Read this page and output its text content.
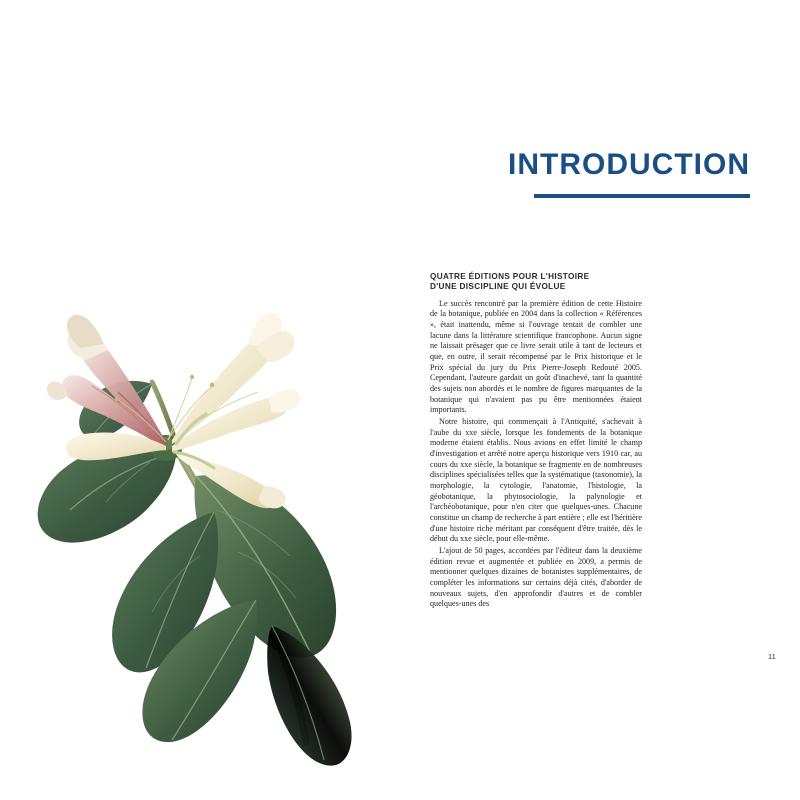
INTRODUCTION
QUATRE ÉDITIONS POUR L'HISTOIRE
D'UNE DISCIPLINE QUI ÉVOLUE

Le succès rencontré par la première édition de cette Histoire de la botanique, publiée en 2004 dans la collection « Références », était inattendu, même si l'ouvrage tentait de combler une lacune dans la littérature scientifique francophone. Aucun signe ne laissait présager que ce livre serait utile à tant de lecteurs et que, en outre, il serait récompensé par le Prix historique et le Prix spécial du jury du Prix Pierre-Joseph Redouté 2005. Cependant, l'auteure gardait un goût d'inachevé, tant la quantité des sujets non abordés et le nombre de figures marquantes de la botanique qui n'avaient pas pu être mentionnées étaient importants.

Notre histoire, qui commençait à l'Antiquité, s'achevait à l'aube du xxe siècle, lorsque les fondements de la botanique moderne étaient établis. Nous avions en effet limité le champ d'investigation et arrêté notre aperçu historique vers 1910 car, au cours du xxe siècle, la botanique se fragmente en de nombreuses disciplines spécialisées telles que la systématique (taxonomie), la morphologie, la cytologie, l'anatomie, l'histologie, la géobotanique, la phytosociologie, la palynologie et l'archéobotanique, pour n'en citer que quelques-unes. Chacune constitue un champ de recherche à part entière ; elle est l'héritière d'une histoire riche méritant par conséquent d'être traitée, dès le début du xxe siècle, pour elle-même.

L'ajout de 50 pages, accordées par l'éditeur dans la deuxième édition revue et augmentée et publiée en 2009, a permis de mentionner quelques dizaines de botanistes supplémentaires, de compléter les informations sur certains déjà cités, d'aborder de nouveaux sujets, d'en approfondir d'autres et de combler quelques-unes des

11
